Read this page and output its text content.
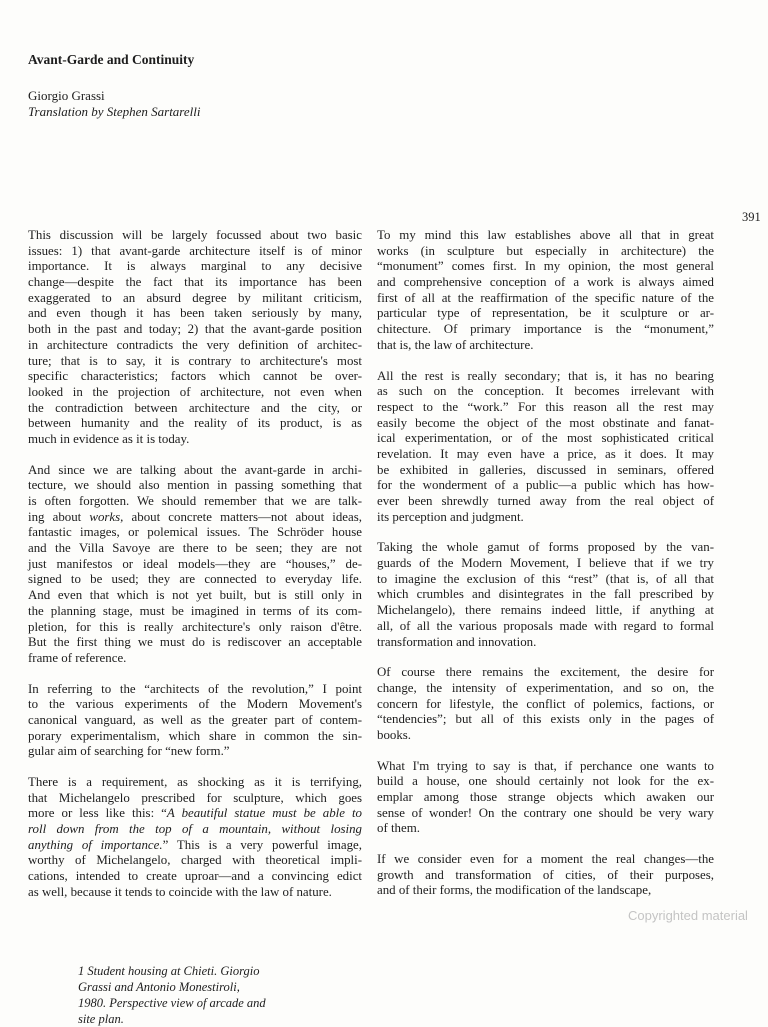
Avant-Garde and Continuity
Giorgio Grassi
Translation by Stephen Sartarelli
391
This discussion will be largely focussed about two basic
issues: 1) that avant-garde architecture itself is of minor
importance. It is always marginal to any decisive
change—despite the fact that its importance has been
exaggerated to an absurd degree by militant criticism,
and even though it has been taken seriously by many,
both in the past and today; 2) that the avant-garde position
in architecture contradicts the very definition of architec-
ture; that is to say, it is contrary to architecture's most
specific characteristics; factors which cannot be over-
looked in the projection of architecture, not even when
the contradiction between architecture and the city, or
between humanity and the reality of its product, is as
much in evidence as it is today.
And since we are talking about the avant-garde in archi-
tecture, we should also mention in passing something that
is often forgotten. We should remember that we are talk-
ing about works, about concrete matters—not about ideas,
fantastic images, or polemical issues. The Schröder house
and the Villa Savoye are there to be seen; they are not
just manifestos or ideal models—they are “houses,” de-
signed to be used; they are connected to everyday life.
And even that which is not yet built, but is still only in
the planning stage, must be imagined in terms of its com-
pletion, for this is really architecture's only raison d'être.
But the first thing we must do is rediscover an acceptable
frame of reference.
In referring to the “architects of the revolution,” I point
to the various experiments of the Modern Movement's
canonical vanguard, as well as the greater part of contem-
porary experimentalism, which share in common the sin-
gular aim of searching for “new form.”
There is a requirement, as shocking as it is terrifying,
that Michelangelo prescribed for sculpture, which goes
more or less like this: “A beautiful statue must be able to
roll down from the top of a mountain, without losing
anything of importance.” This is a very powerful image,
worthy of Michelangelo, charged with theoretical impli-
cations, intended to create uproar—and a convincing edict
as well, because it tends to coincide with the law of nature.
To my mind this law establishes above all that in great
works (in sculpture but especially in architecture) the
“monument” comes first. In my opinion, the most general
and comprehensive conception of a work is always aimed
first of all at the reaffirmation of the specific nature of the
particular type of representation, be it sculpture or ar-
chitecture. Of primary importance is the “monument,”
that is, the law of architecture.
All the rest is really secondary; that is, it has no bearing
as such on the conception. It becomes irrelevant with
respect to the “work.” For this reason all the rest may
easily become the object of the most obstinate and fanat-
ical experimentation, or of the most sophisticated critical
revelation. It may even have a price, as it does. It may
be exhibited in galleries, discussed in seminars, offered
for the wonderment of a public—a public which has how-
ever been shrewdly turned away from the real object of
its perception and judgment.
Taking the whole gamut of forms proposed by the van-
guards of the Modern Movement, I believe that if we try
to imagine the exclusion of this “rest” (that is, of all that
which crumbles and disintegrates in the fall prescribed by
Michelangelo), there remains indeed little, if anything at
all, of all the various proposals made with regard to formal
transformation and innovation.
Of course there remains the excitement, the desire for
change, the intensity of experimentation, and so on, the
concern for lifestyle, the conflict of polemics, factions, or
“tendencies”; but all of this exists only in the pages of
books.
What I'm trying to say is that, if perchance one wants to
build a house, one should certainly not look for the ex-
emplar among those strange objects which awaken our
sense of wonder! On the contrary one should be very wary
of them.
If we consider even for a moment the real changes—the
growth and transformation of cities, of their purposes,
and of their forms, the modification of the landscape,
Copyrighted material
1 Student housing at Chieti. Giorgio
Grassi and Antonio Monestiroli,
1980. Perspective view of arcade and
site plan.
